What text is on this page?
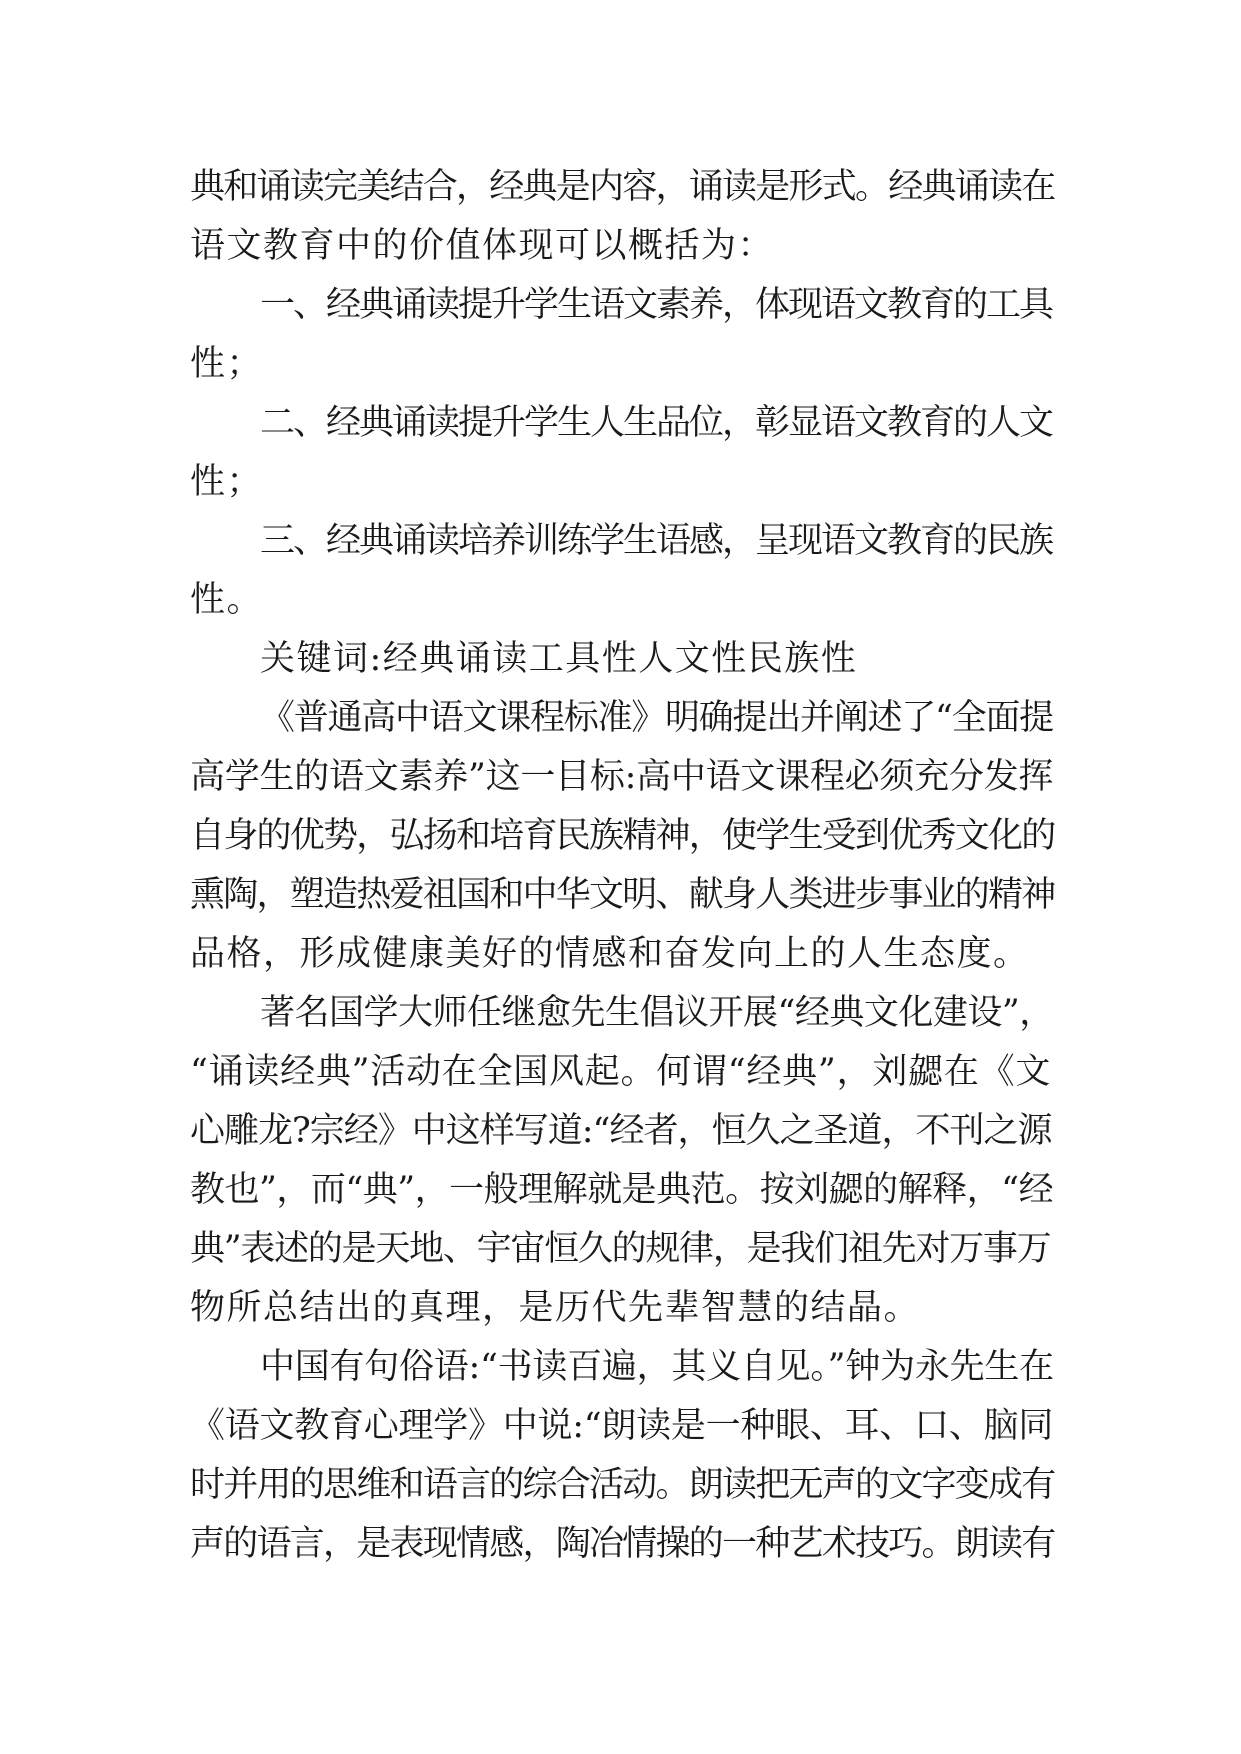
典和诵读完美结合，经典是内容，诵读是形式。经典诵读在
语文教育中的价值体现可以概括为：
一、经典诵读提升学生语文素养，体现语文教育的工具
性；
二、经典诵读提升学生人生品位，彰显语文教育的人文
性；
三、经典诵读培养训练学生语感，呈现语文教育的民族
性。
关键词:经典诵读工具性人文性民族性
《普通高中语文课程标准》明确提出并阐述了“全面提
高学生的语文素养”这一目标:高中语文课程必须充分发挥
自身的优势，弘扬和培育民族精神，使学生受到优秀文化的
熏陶，塑造热爱祖国和中华文明、献身人类进步事业的精神
品格，形成健康美好的情感和奋发向上的人生态度。
著名国学大师任继愈先生倡议开展“经典文化建设”，
“诵读经典”活动在全国风起。何谓“经典”，刘勰在《文
心雕龙?宗经》中这样写道:“经者，恒久之圣道，不刊之源
教也”，而“典”，一般理解就是典范。按刘勰的解释，“经
典”表述的是天地、宇宙恒久的规律，是我们祖先对万事万
物所总结出的真理，是历代先辈智慧的结晶。
中国有句俗语:“书读百遍，其义自见。”钟为永先生在
《语文教育心理学》中说:“朗读是一种眼、耳、口、脑同
时并用的思维和语言的综合活动。朗读把无声的文字变成有
声的语言，是表现情感，陶冶情操的一种艺术技巧。朗读有
